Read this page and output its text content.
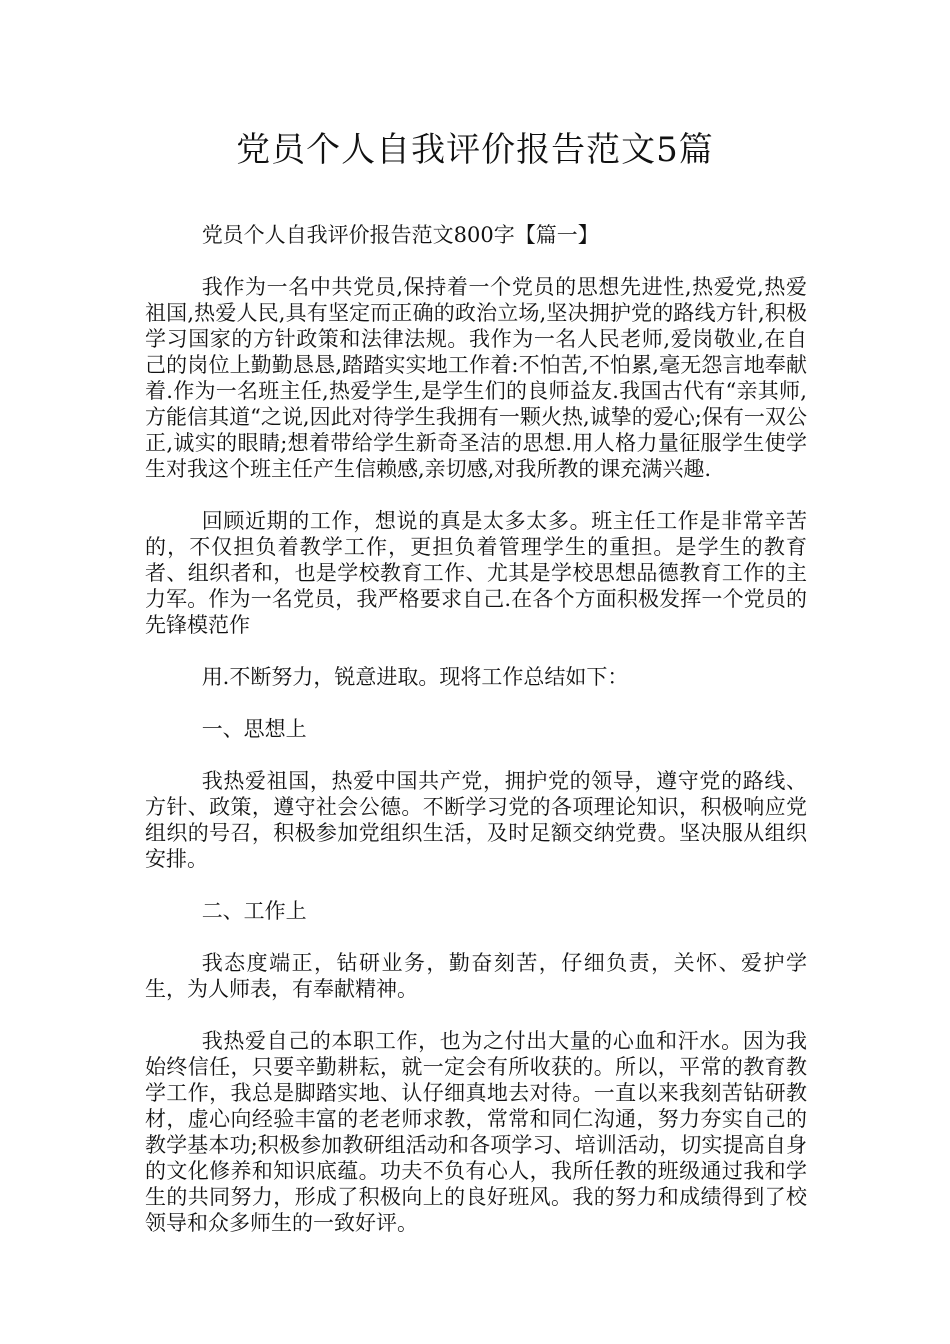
党员个人自我评价报告范文5篇

党员个人自我评价报告范文800字【篇一】

我作为一名中共党员,保持着一个党员的思想先进性,热爱党,热爱祖国,热爱人民,具有坚定而正确的政治立场,坚决拥护党的路线方针,积极学习国家的方针政策和法律法规。我作为一名人民老师,爱岗敬业,在自己的岗位上勤勤恳恳,踏踏实实地工作着:不怕苦,不怕累,毫无怨言地奉献着.作为一名班主任,热爱学生,是学生们的良师益友.我国古代有“亲其师,方能信其道“之说,因此对待学生我拥有一颗火热,诚挚的爱心;保有一双公正,诚实的眼睛;想着带给学生新奇圣洁的思想.用人格力量征服学生使学生对我这个班主任产生信赖感,亲切感,对我所教的课充满兴趣.

回顾近期的工作，想说的真是太多太多。班主任工作是非常辛苦的，不仅担负着教学工作，更担负着管理学生的重担。是学生的教育者、组织者和，也是学校教育工作、尤其是学校思想品德教育工作的主力军。作为一名党员，我严格要求自己.在各个方面积极发挥一个党员的先锋模范作

用.不断努力，锐意进取。现将工作总结如下：

一、思想上

我热爱祖国，热爱中国共产党，拥护党的领导，遵守党的路线、方针、政策，遵守社会公德。不断学习党的各项理论知识，积极响应党组织的号召，积极参加党组织生活，及时足额交纳党费。坚决服从组织安排。

二、工作上

我态度端正，钻研业务，勤奋刻苦，仔细负责，关怀、爱护学生，为人师表，有奉献精神。

我热爱自己的本职工作，也为之付出大量的心血和汗水。因为我始终信任，只要辛勤耕耘，就一定会有所收获的。所以，平常的教育教学工作，我总是脚踏实地、认仔细真地去对待。一直以来我刻苦钻研教材，虚心向经验丰富的老老师求教，常常和同仁沟通，努力夯实自己的教学基本功;积极参加教研组活动和各项学习、培训活动，切实提高自身的文化修养和知识底蕴。功夫不负有心人，我所任教的班级通过我和学生的共同努力，形成了积极向上的良好班风。我的努力和成绩得到了校领导和众多师生的一致好评。
